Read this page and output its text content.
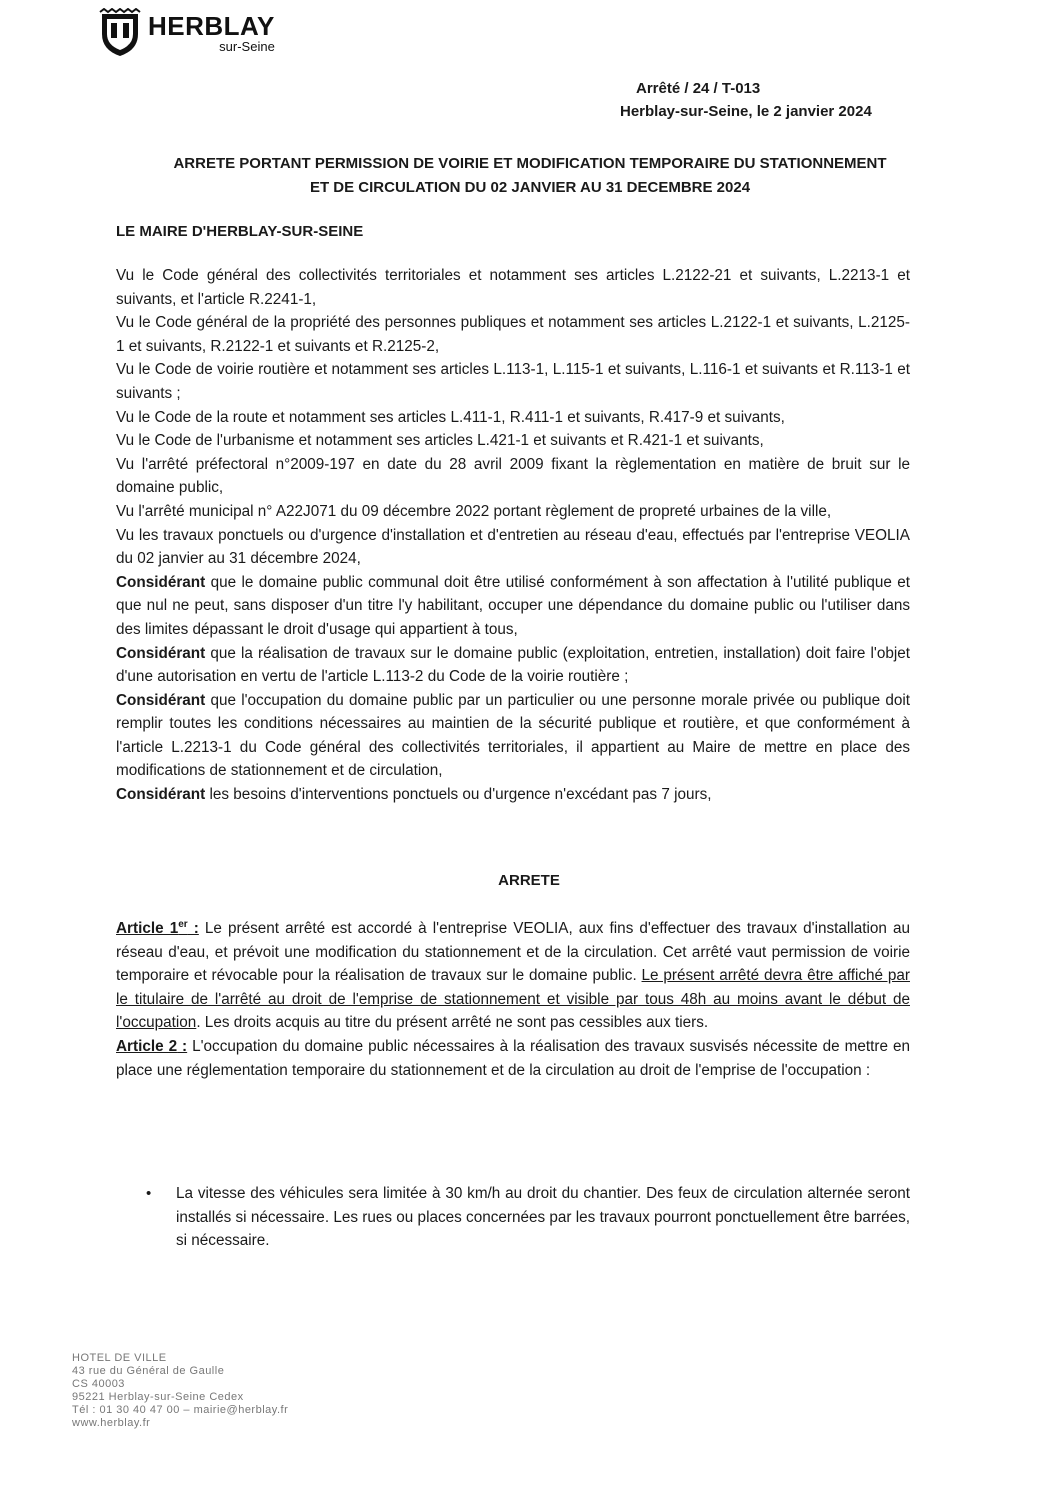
HERBLAY
sur-Seine
Arrêté / 24 / T-013
Herblay-sur-Seine, le 2 janvier 2024
ARRETE PORTANT PERMISSION DE VOIRIE ET MODIFICATION TEMPORAIRE DU STATIONNEMENT
ET DE CIRCULATION DU 02 JANVIER AU 31 DECEMBRE 2024
LE MAIRE D'HERBLAY-SUR-SEINE

Vu le Code général des collectivités territoriales et notamment ses articles L.2122-21 et suivants, L.2213-1 et suivants, et l'article R.2241-1,

Vu le Code général de la propriété des personnes publiques et notamment ses articles L.2122-1 et suivants, L.2125-1 et suivants, R.2122-1 et suivants et R.2125-2,

Vu le Code de voirie routière et notamment ses articles L.113-1, L.115-1 et suivants, L.116-1 et suivants et R.113-1 et suivants ;

Vu le Code de la route et notamment ses articles L.411-1, R.411-1 et suivants, R.417-9 et suivants,

Vu le Code de l'urbanisme et notamment ses articles L.421-1 et suivants et R.421-1 et suivants,

Vu l'arrêté préfectoral n°2009-197 en date du 28 avril 2009 fixant la règlementation en matière de bruit sur le domaine public,

Vu l'arrêté municipal n° A22J071 du 09 décembre 2022 portant règlement de propreté urbaines de la ville,

Vu les travaux ponctuels ou d'urgence d'installation et d'entretien au réseau d'eau, effectués par l'entreprise VEOLIA du 02 janvier au 31 décembre 2024,

Considérant que le domaine public communal doit être utilisé conformément à son affectation à l'utilité publique et que nul ne peut, sans disposer d'un titre l'y habilitant, occuper une dépendance du domaine public ou l'utiliser dans des limites dépassant le droit d'usage qui appartient à tous,

Considérant que la réalisation de travaux sur le domaine public (exploitation, entretien, installation) doit faire l'objet d'une autorisation en vertu de l'article L.113-2 du Code de la voirie routière ;

Considérant que l'occupation du domaine public par un particulier ou une personne morale privée ou publique doit remplir toutes les conditions nécessaires au maintien de la sécurité publique et routière, et que conformément à l'article L.2213-1 du Code général des collectivités territoriales, il appartient au Maire de mettre en place des modifications de stationnement et de circulation,

Considérant les besoins d'interventions ponctuels ou d'urgence n'excédant pas 7 jours,

ARRETE

Article 1er : Le présent arrêté est accordé à l'entreprise VEOLIA, aux fins d'effectuer des travaux d'installation au réseau d'eau, et prévoit une modification du stationnement et de la circulation. Cet arrêté vaut permission de voirie temporaire et révocable pour la réalisation de travaux sur le domaine public. Le présent arrêté devra être affiché par le titulaire de l'arrêté au droit de l'emprise de stationnement et visible par tous 48h au moins avant le début de l'occupation. Les droits acquis au titre du présent arrêté ne sont pas cessibles aux tiers.

Article 2 : L'occupation du domaine public nécessaires à la réalisation des travaux susvisés nécessite de mettre en place une réglementation temporaire du stationnement et de la circulation au droit de l'emprise de l'occupation :

• La vitesse des véhicules sera limitée à 30 km/h au droit du chantier. Des feux de circulation alternée seront installés si nécessaire. Les rues ou places concernées par les travaux pourront ponctuellement être barrées, si nécessaire.
HOTEL DE VILLE
43 rue du Général de Gaulle
CS 40003
95221 Herblay-sur-Seine Cedex
Tél : 01 30 40 47 00 – mairie@herblay.fr
www.herblay.fr
